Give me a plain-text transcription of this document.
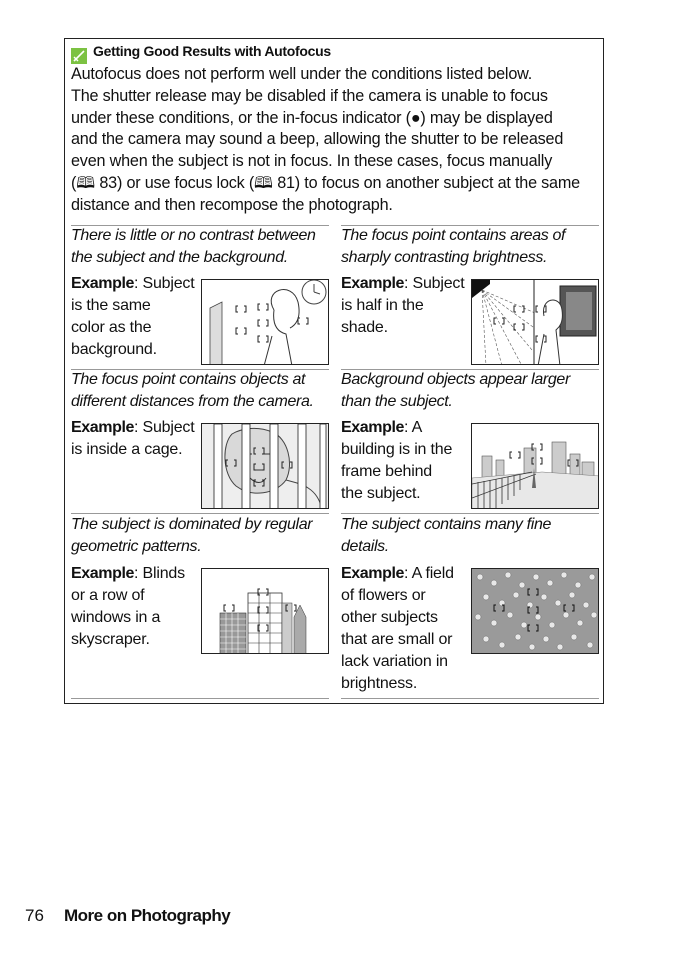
Getting Good Results with Autofocus
Autofocus does not perform well under the conditions listed below.
The shutter release may be disabled if the camera is unable to focus
under these conditions, or the in-focus indicator (●) may be displayed
and the camera may sound a beep, allowing the shutter to be released
even when the subject is not in focus. In these cases, focus manually
(🕮 83) or use focus lock (🕮 81) to focus on another subject at the same
distance and then recompose the photograph.
There is little or no contrast between
the subject and the background.
Example: Subject
is the same
color as the
background.
The focus point contains areas of
sharply contrasting brightness.
Example: Subject
is half in the
shade.
The focus point contains objects at
different distances from the camera.
Example: Subject
is inside a cage.
Background objects appear larger
than the subject.
Example: A
building is in the
frame behind
the subject.
The subject is dominated by regular
geometric patterns.
Example: Blinds
or a row of
windows in a
skyscraper.
The subject contains many fine
details.
Example: A field
of flowers or
other subjects
that are small or
lack variation in
brightness.
76 More on Photography
